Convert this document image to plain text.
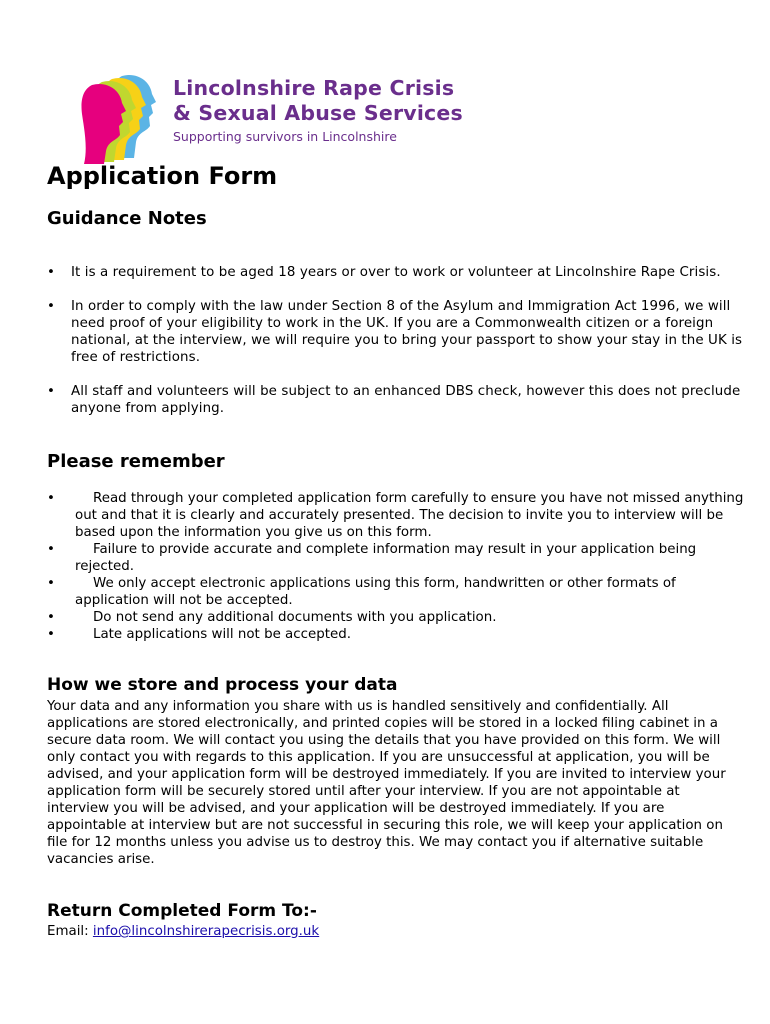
Lincolnshire Rape Crisis
& Sexual Abuse Services
Supporting survivors in Lincolnshire
Application Form
Guidance Notes
• It is a requirement to be aged 18 years or over to work or volunteer at Lincolnshire Rape Crisis.
• In order to comply with the law under Section 8 of the Asylum and Immigration Act 1996, we will need proof of your eligibility to work in the UK. If you are a Commonwealth citizen or a foreign national, at the interview, we will require you to bring your passport to show your stay in the UK is free of restrictions.
• All staff and volunteers will be subject to an enhanced DBS check, however this does not preclude anyone from applying.
Please remember
•	Read through your completed application form carefully to ensure you have not missed anything out and that it is clearly and accurately presented. The decision to invite you to interview will be based upon the information you give us on this form.
•	Failure to provide accurate and complete information may result in your application being rejected.
•	We only accept electronic applications using this form, handwritten or other formats of application will not be accepted.
•	Do not send any additional documents with you application.
•	Late applications will not be accepted.
How we store and process your data

Your data and any information you share with us is handled sensitively and confidentially. All applications are stored electronically, and printed copies will be stored in a locked filing cabinet in a secure data room. We will contact you using the details that you have provided on this form. We will only contact you with regards to this application. If you are unsuccessful at application, you will be advised, and your application form will be destroyed immediately. If you are invited to interview your application form will be securely stored until after your interview. If you are not appointable at interview you will be advised, and your application will be destroyed immediately. If you are appointable at interview but are not successful in securing this role, we will keep your application on file for 12 months unless you advise us to destroy this. We may contact you if alternative suitable vacancies arise.

Return Completed Form To:-
Email: info@lincolnshirerapecrisis.org.uk
